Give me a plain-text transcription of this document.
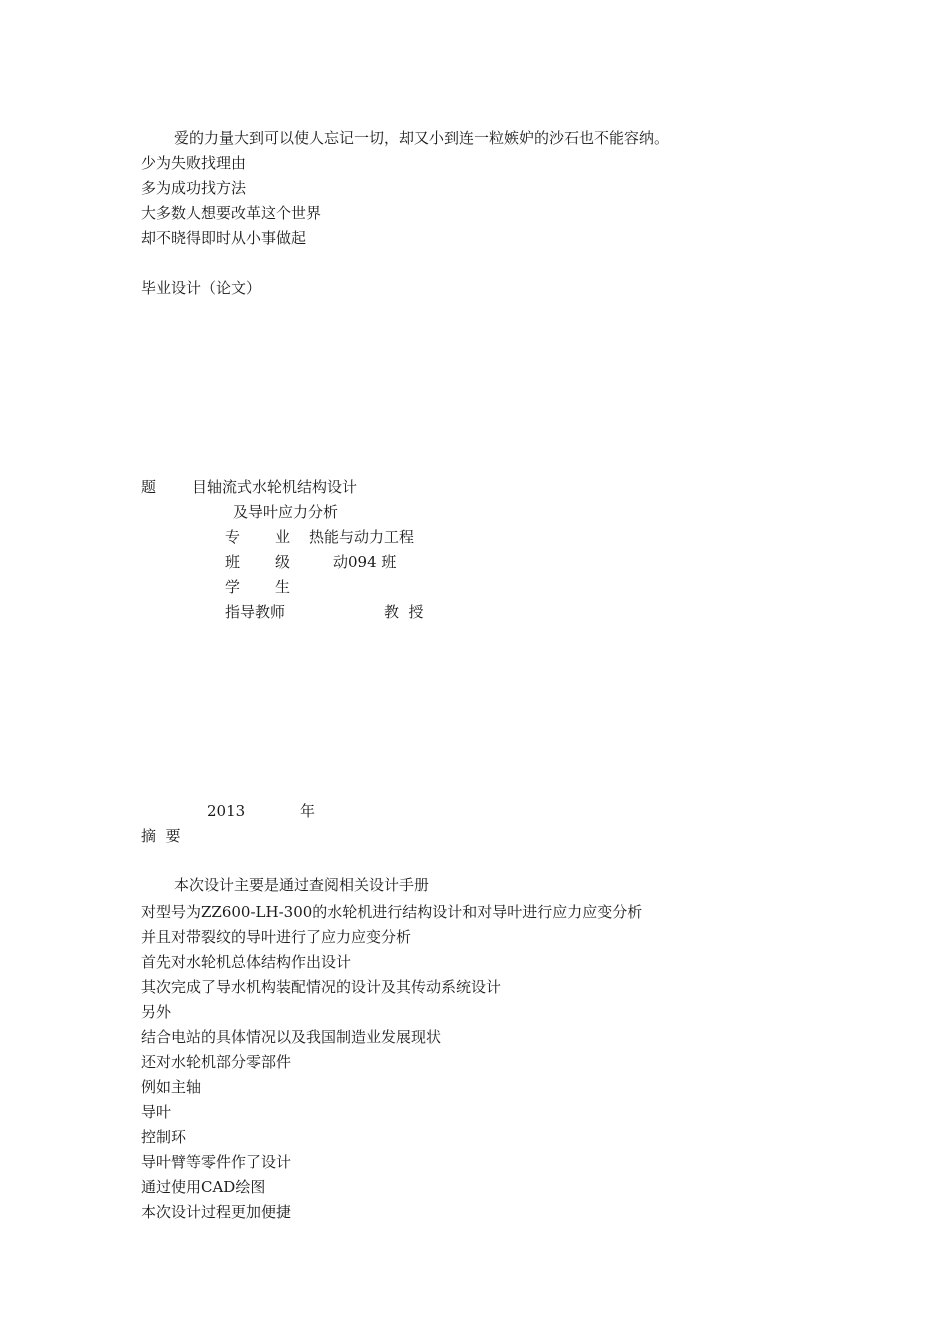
爱的力量大到可以使人忘记一切，却又小到连一粒嫉妒的沙石也不能容纳。
少为失败找理由
多为成功找方法
大多数人想要改革这个世界
却不晓得即时从小事做起
毕业设计（论文）
题 目轴流式水轮机结构设计
及导叶应力分析
专 业 热能与动力工程
班 级	动094 班
学 生
指导教师	教  授
2013	年
摘  要
本次设计主要是通过查阅相关设计手册
对型号为ZZ600-LH-300的水轮机进行结构设计和对导叶进行应力应变分析
并且对带裂纹的导叶进行了应力应变分析
首先对水轮机总体结构作出设计
其次完成了导水机构装配情况的设计及其传动系统设计
另外
结合电站的具体情况以及我国制造业发展现状
还对水轮机部分零部件
例如主轴
导叶
控制环
导叶臂等零件作了设计
通过使用CAD绘图
本次设计过程更加便捷
